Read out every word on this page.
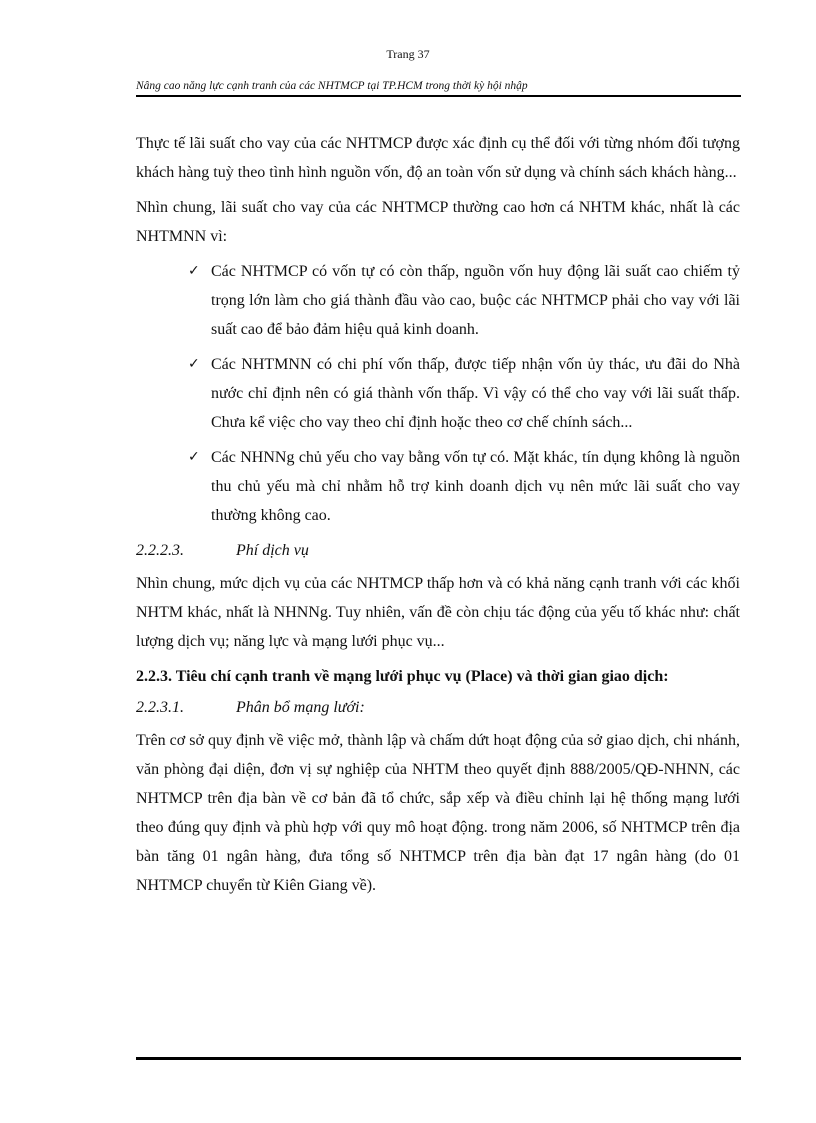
Trang 37
Nâng cao năng lực cạnh tranh của các NHTMCP tại TP.HCM trong thời kỳ hội nhập

Thực tế lãi suất cho vay của các NHTMCP được xác định cụ thể đối với từng nhóm đối tượng khách hàng tuỳ theo tình hình nguồn vốn, độ an toàn vốn sử dụng và chính sách khách hàng...

Nhìn chung, lãi suất cho vay của các NHTMCP thường cao hơn cá NHTM khác, nhất là các NHTMNN vì:

✓ Các NHTMCP có vốn tự có còn thấp, nguồn vốn huy động lãi suất cao chiếm tỷ trọng lớn làm cho giá thành đầu vào cao, buộc các NHTMCP phải cho vay với lãi suất cao để bảo đảm hiệu quả kinh doanh.
✓ Các NHTMNN có chi phí vốn thấp, được tiếp nhận vốn ủy thác, ưu đãi do Nhà nước chỉ định nên có giá thành vốn thấp. Vì vậy có thể cho vay với lãi suất thấp. Chưa kể việc cho vay theo chỉ định hoặc theo cơ chế chính sách...
✓ Các NHNNg chủ yếu cho vay bằng vốn tự có. Mặt khác, tín dụng không là nguồn thu chủ yếu mà chỉ nhằm hỗ trợ kinh doanh dịch vụ nên mức lãi suất cho vay thường không cao.
2.2.2.3.	Phí dịch vụ

Nhìn chung, mức dịch vụ của các NHTMCP thấp hơn và có khả năng cạnh tranh với các khối NHTM khác, nhất là NHNNg. Tuy nhiên, vấn đề còn chịu tác động của yếu tố khác như: chất lượng dịch vụ; năng lực và mạng lưới phục vụ...

2.2.3. Tiêu chí cạnh tranh về mạng lưới phục vụ (Place) và thời gian giao dịch:
2.2.3.1.	Phân bổ mạng lưới:

Trên cơ sở quy định về việc mở, thành lập và chấm dứt hoạt động của sở giao dịch, chi nhánh, văn phòng đại diện, đơn vị sự nghiệp của NHTM theo quyết định 888/2005/QĐ-NHNN, các NHTMCP trên địa bàn về cơ bản đã tổ chức, sắp xếp và điều chỉnh lại hệ thống mạng lưới theo đúng quy định và phù hợp với quy mô hoạt động. trong năm 2006, số NHTMCP trên địa bàn tăng 01 ngân hàng, đưa tổng số NHTMCP trên địa bàn đạt 17 ngân hàng (do 01 NHTMCP chuyển từ Kiên Giang về).
